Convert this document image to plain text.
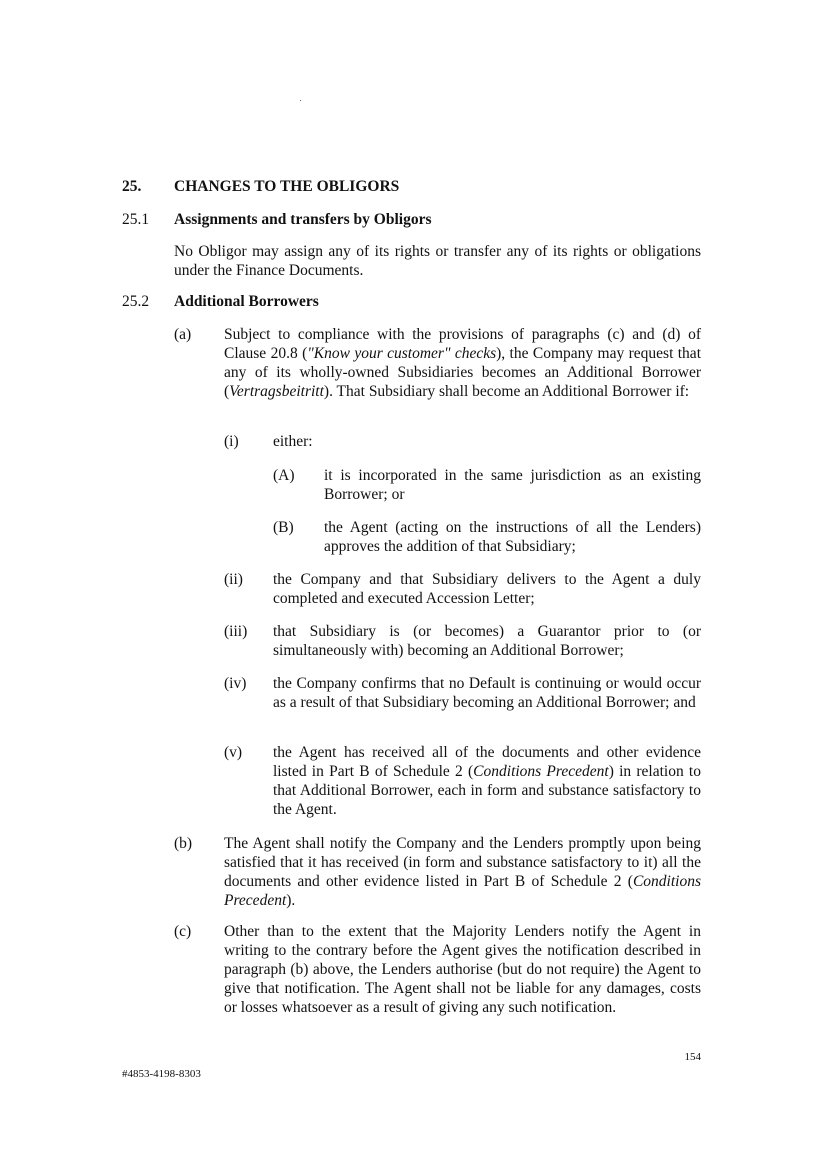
25. CHANGES TO THE OBLIGORS
25.1 Assignments and transfers by Obligors
No Obligor may assign any of its rights or transfer any of its rights or obligations under the Finance Documents.
25.2 Additional Borrowers
(a) Subject to compliance with the provisions of paragraphs (c) and (d) of Clause 20.8 ("Know your customer" checks), the Company may request that any of its wholly-owned Subsidiaries becomes an Additional Borrower (Vertragsbeitritt). That Subsidiary shall become an Additional Borrower if:
(i) either:
(A) it is incorporated in the same jurisdiction as an existing Borrower; or
(B) the Agent (acting on the instructions of all the Lenders) approves the addition of that Subsidiary;
(ii) the Company and that Subsidiary delivers to the Agent a duly completed and executed Accession Letter;
(iii) that Subsidiary is (or becomes) a Guarantor prior to (or simultaneously with) becoming an Additional Borrower;
(iv) the Company confirms that no Default is continuing or would occur as a result of that Subsidiary becoming an Additional Borrower; and
(v) the Agent has received all of the documents and other evidence listed in Part B of Schedule 2 (Conditions Precedent) in relation to that Additional Borrower, each in form and substance satisfactory to the Agent.
(b) The Agent shall notify the Company and the Lenders promptly upon being satisfied that it has received (in form and substance satisfactory to it) all the documents and other evidence listed in Part B of Schedule 2 (Conditions Precedent).
(c) Other than to the extent that the Majority Lenders notify the Agent in writing to the contrary before the Agent gives the notification described in paragraph (b) above, the Lenders authorise (but do not require) the Agent to give that notification. The Agent shall not be liable for any damages, costs or losses whatsoever as a result of giving any such notification.
154
#4853-4198-8303
